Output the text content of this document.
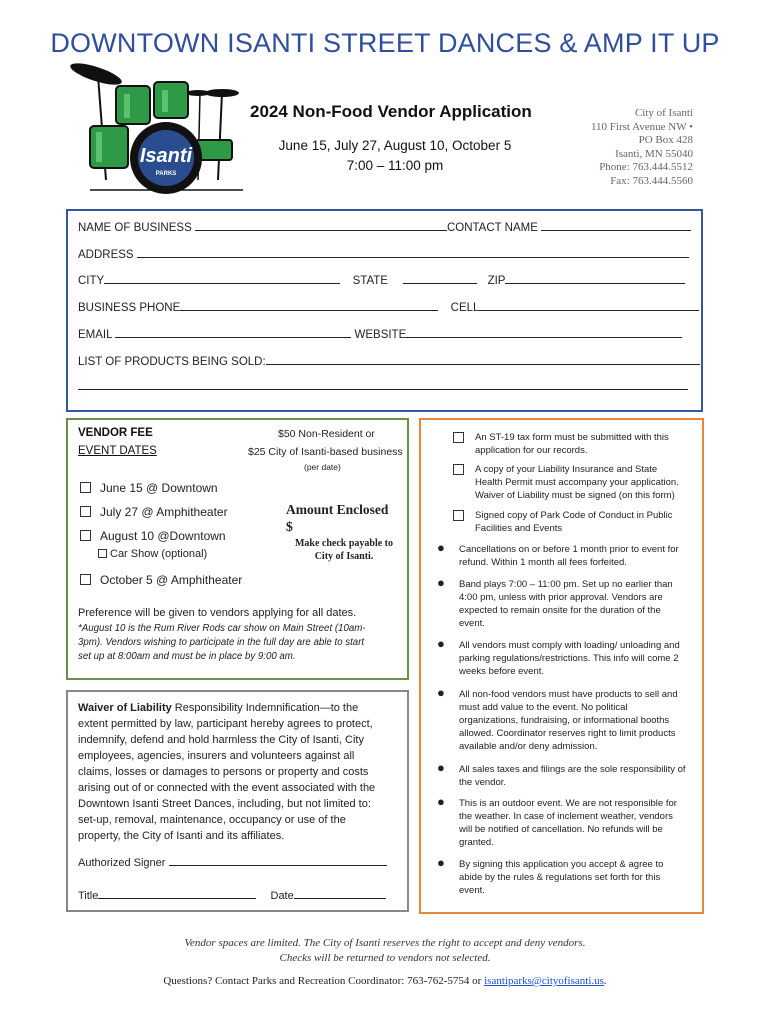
DOWNTOWN ISANTI STREET DANCES & AMP IT UP
Isanti
PARKS
2024 Non-Food Vendor Application
June 15, July 27, August 10, October 5
7:00 – 11:00 pm
City of Isanti
110 First Avenue NW •
PO Box 428
Isanti, MN 55040
Phone: 763.444.5512
Fax: 763.444.5560
NAME OF BUSINESS	CONTACT NAME
ADDRESS
CITY	STATE	ZIP
BUSINESS PHONE	CELL
EMAIL	WEBSITE
LIST OF PRODUCTS BEING SOLD:
VENDOR FEE
EVENT DATES
$50 Non-Resident or
$25 City of Isanti-based business
(per date)
June 15 @ Downtown
July 27 @ Amphitheater
August 10 @Downtown
Car Show (optional)
October 5 @ Amphitheater
Amount Enclosed
$
Make check payable to
City of Isanti.
Preference will be given to vendors applying for all dates.
*August 10 is the Rum River Rods car show on Main Street (10am-
3pm). Vendors wishing to participate in the full day are able to start
set up at 8:00am and must be in place by 9:00 am.
Waiver of Liability Responsibility Indemnification—to the
extent permitted by law, participant hereby agrees to protect,
indemnify, defend and hold harmless the City of Isanti, City
employees, agencies, insurers and volunteers against all
claims, losses or damages to persons or property and costs
arising out of or connected with the event associated with the
Downtown Isanti Street Dances, including, but not limited to:
set-up, removal, maintenance, occupancy or use of the
property, the City of Isanti and its affiliates.
Authorized Signer
Title	Date
An ST-19 tax form must be submitted with this
application for our records.
A copy of your Liability Insurance and State
Health Permit must accompany your application.
Waiver of Liability must be signed (on this form)
Signed copy of Park Code of Conduct in Public
Facilities and Events
● Cancellations on or before 1 month prior to event for
refund. Within 1 month all fees forfeited.
● Band plays 7:00 – 11:00 pm. Set up no earlier than
4:00 pm, unless with prior approval. Vendors are
expected to remain onsite for the duration of the
event.
● All vendors must comply with loading/ unloading and
parking regulations/restrictions. This info will come 2
weeks before event.
● All non-food vendors must have products to sell and
must add value to the event. No political
organizations, fundraising, or informational booths
allowed. Coordinator reserves right to limit products
available and/or deny admission.
● All sales taxes and filings are the sole responsibility of
the vendor.
● This is an outdoor event. We are not responsible for
the weather. In case of inclement weather, vendors
will be notified of cancellation. No refunds will be
granted.
● By signing this application you accept & agree to
abide by the rules & regulations set forth for this
event.
Vendor spaces are limited. The City of Isanti reserves the right to accept and deny vendors.
Checks will be returned to vendors not selected.
Questions? Contact Parks and Recreation Coordinator: 763-762-5754 or isantiparks@cityofisanti.us.
